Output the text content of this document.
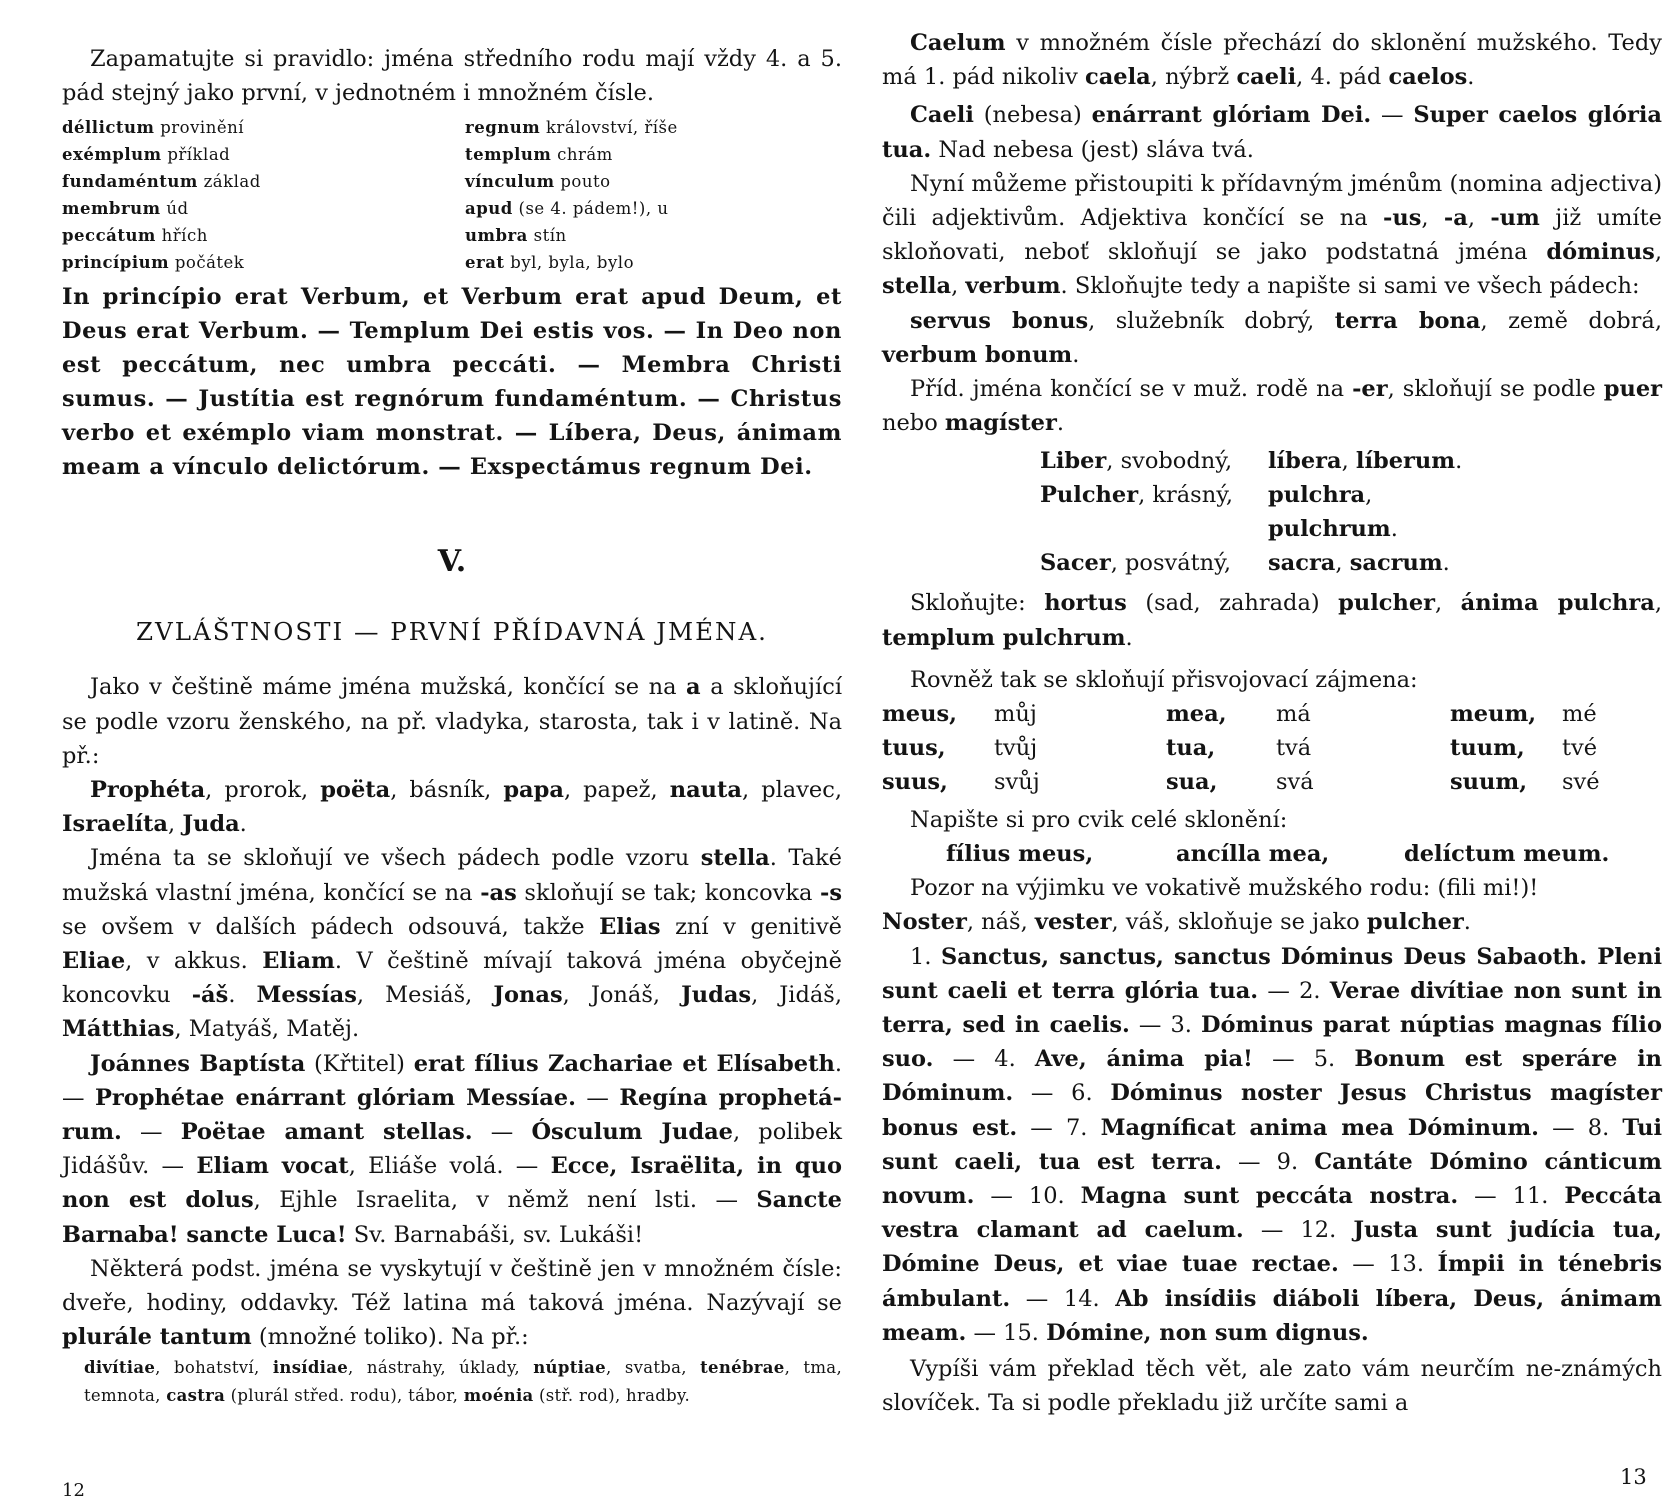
Zapamatujte si pravidlo: jména středního rodu mají vždy 4. a 5. pád stejný jako první, v jednotném i množném čísle.

déllictum provinění	regnum království, říše
exémplum příklad	templum chrám
fundaméntum základ	vínculum pouto
membrum úd	apud (se 4. pádem!), u
peccátum hřích	umbra stín
princípium počátek	erat byl, byla, bylo

In princípio erat Verbum, et Verbum erat apud Deum, et Deus erat Verbum. — Templum Dei estis vos. — In Deo non est peccátum, nec umbra peccáti. — Membra Christi sumus. — Justítia est regnórum fundaméntum. — Christus verbo et exémplo viam monstrat. — Líbera, Deus, ánimam meam a vínculo delictórum. — Exspectámus regnum Dei.

V.
ZVLÁŠTNOSTI — PRVNÍ PŘÍDAVNÁ JMÉNA.

Jako v češtině máme jména mužská, končící se na a a skloňující se podle vzoru ženského, na př. vladyka, starosta, tak i v latině. Na př.:

Prophéta, prorok, poëta, básník, papa, papež, nauta, plavec, Israelíta, Juda.

Jména ta se skloňují ve všech pádech podle vzoru stella. Také mužská vlastní jména, končící se na -as skloňují se tak; koncovka -s se ovšem v dalších pádech odsouvá, takže Elias zní v genitivě Eliae, v akkus. Eliam. V češtině mívají taková jména obyčejně koncovku -áš. Messías, Mesiáš, Jonas, Jonáš, Judas, Jidáš, Mátthias, Matyáš, Matěj.

Joánnes Baptísta (Křtitel) erat fílius Zachariae et Elísabeth. — Prophétae enárrant glóriam Messíae. — Regína prophetá-rum. — Poëtae amant stellas. — Ósculum Judae, polibek Jidášův. — Eliam vocat, Eliáše volá. — Ecce, Israëlita, in quo non est dolus, Ejhle Israelita, v němž není lsti. — Sancte Barnaba! sancte Luca! Sv. Barnabáši, sv. Lukáši!

Některá podst. jména se vyskytují v češtině jen v množném čísle: dveře, hodiny, oddavky. Též latina má taková jména. Nazývají se plurále tantum (množné toliko). Na př.:

divítiae, bohatství, insídiae, nástrahy, úklady, núptiae, svatba, tenébrae, tma, temnota, castra (plurál střed. rodu), tábor, moénia (stř. rod), hradby.

12

Caelum v množném čísle přechází do sklonění mužského. Tedy má 1. pád nikoliv caela, nýbrž caeli, 4. pád caelos.

Caeli (nebesa) enárrant glóriam Dei. — Super caelos glória tua. Nad nebesa (jest) sláva tvá.

Nyní můžeme přistoupiti k přídavným jménům (nomina adjectiva) čili adjektivům. Adjektiva končící se na -us, -a, -um již umíte skloňovati, neboť skloňují se jako podstatná jména dóminus, stella, verbum. Skloňujte tedy a napište si sami ve všech pádech:

servus bonus, služebník dobrý, terra bona, země dobrá, verbum bonum.

Příd. jména končící se v muž. rodě na -er, skloňují se podle puer nebo magíster.

Liber, svobodný,	líbera, líberum.
Pulcher, krásný,	pulchra, pulchrum.
Sacer, posvátný,	sacra, sacrum.

Skloňujte: hortus (sad, zahrada) pulcher, ánima pulchra, templum pulchrum.

Rovněž tak se skloňují přisvojovací zájmena:

meus,	můj	mea,	má	meum,	mé
tuus,	tvůj	tua,	tvá	tuum,	tvé
suus,	svůj	sua,	svá	suum,	své

Napište si pro cvik celé sklonění:

fílius meus,	ancílla mea,	delíctum meum.

Pozor na výjimku ve vokativě mužského rodu: (fili mi!)!

Noster, náš, vester, váš, skloňuje se jako pulcher.

1. Sanctus, sanctus, sanctus Dóminus Deus Sabaoth. Pleni sunt caeli et terra glória tua. — 2. Verae divítiae non sunt in terra, sed in caelis. — 3. Dóminus parat núptias magnas fílio suo. — 4. Ave, ánima pia! — 5. Bonum est speráre in Dóminum. — 6. Dóminus noster Jesus Christus magíster bonus est. — 7. Magníficat anima mea Dóminum. — 8. Tui sunt caeli, tua est terra. — 9. Cantáte Dómino cánticum novum. — 10. Magna sunt peccáta nostra. — 11. Peccáta vestra clamant ad caelum. — 12. Justa sunt judícia tua, Dómine Deus, et viae tuae rectae. — 13. Ímpii in ténebris ámbulant. — 14. Ab insídiis diáboli líbera, Deus, ánimam meam. — 15. Dómine, non sum dignus.

Vypíši vám překlad těch vět, ale zato vám neurčím ne-známých slovíček. Ta si podle překladu již určíte sami a

13
